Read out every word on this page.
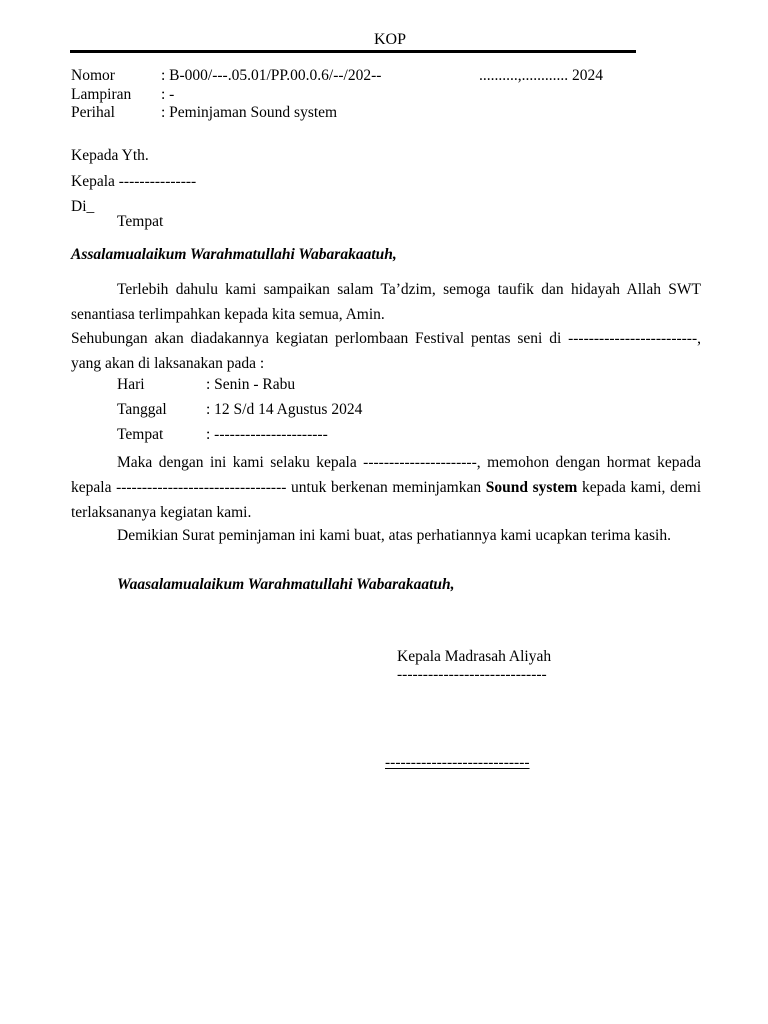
KOP
Nomor	: B-000/---.05.01/PP.00.0.6/--/202--	..........,............ 2024
Lampiran : -
Perihal	: Peminjaman Sound system
Kepada Yth.
Kepala ---------------
Di_
Tempat
Assalamualaikum Warahmatullahi Wabarakaatuh,
Terlebih dahulu kami sampaikan salam Ta’dzim, semoga taufik dan hidayah Allah SWT senantiasa terlimpahkan kepada kita semua, Amin.
Sehubungan akan diadakannya kegiatan perlombaan Festival pentas seni di -------------------------, yang akan di laksanakan pada :
Hari	: Senin - Rabu
Tanggal	: 12 S/d 14 Agustus 2024
Tempat	: ----------------------
Maka dengan ini kami selaku kepala ----------------------, memohon dengan hormat kepada kepala --------------------------------- untuk berkenan meminjamkan Sound system kepada kami, demi terlaksananya kegiatan kami.
Demikian Surat peminjaman ini kami buat, atas perhatiannya kami ucapkan terima kasih.
Waasalamualaikum Warahmatullahi Wabarakaatuh,
Kepala Madrasah Aliyah
-----------------------------
----------------------------
